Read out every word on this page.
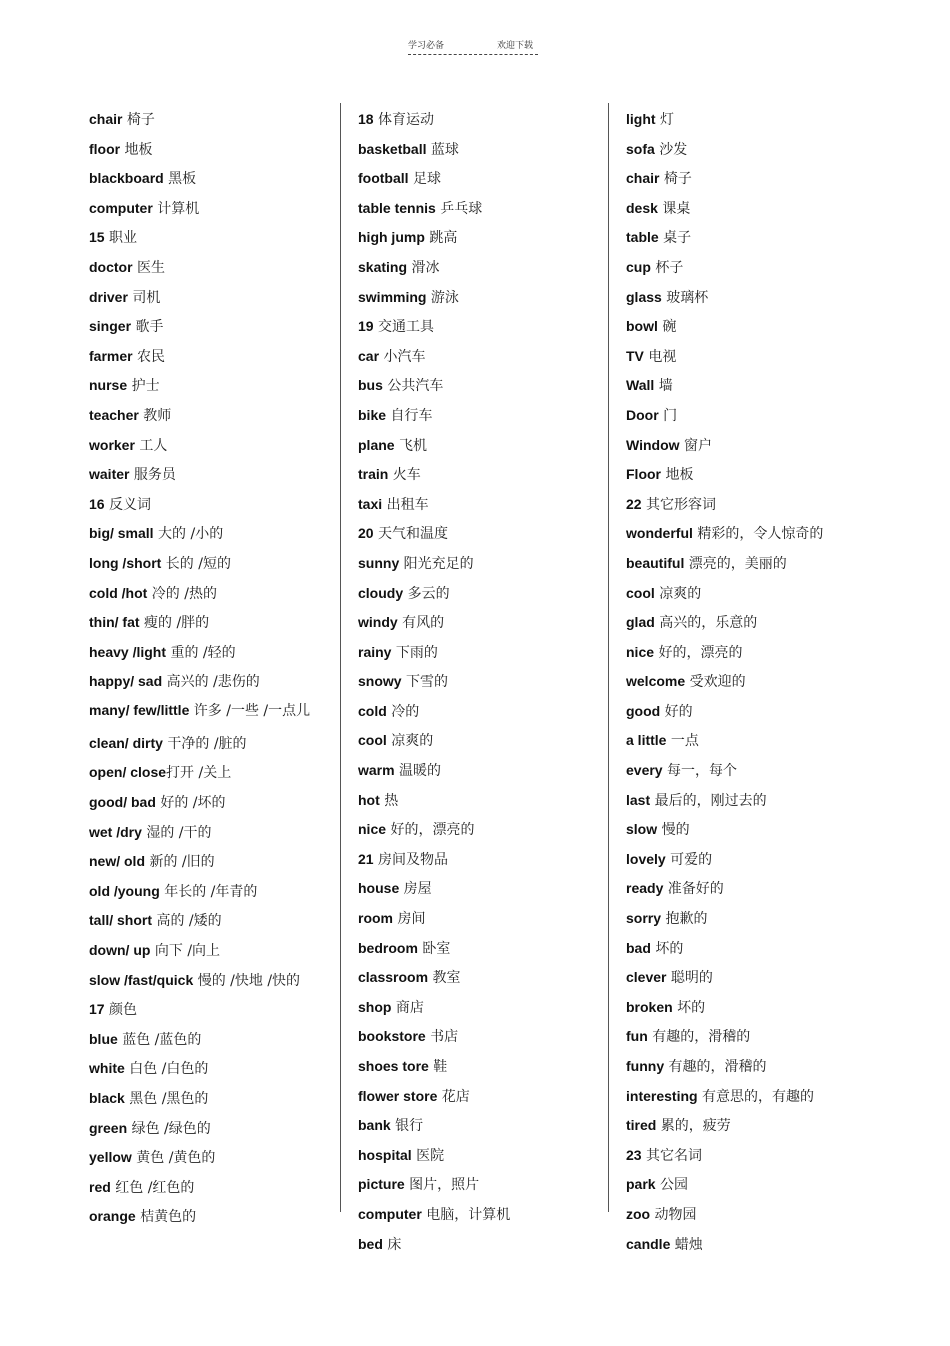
学习必备	欢迎下载
chair 椅子
floor 地板
blackboard 黑板
computer 计算机
15 职业
doctor 医生
driver 司机
singer 歌手
farmer 农民
nurse 护士
teacher 教师
worker 工人
waiter 服务员
16 反义词
big/ small 大的 /小的
long /short 长的 /短的
cold /hot 冷的 /热的
thin/ fat 瘦的 /胖的
heavy /light 重的 /轻的
happy/ sad 高兴的 /悲伤的
many/ few/little 许多 /一些 /一点儿
clean/ dirty 干净的 /脏的
open/ close打开 /关上
good/ bad 好的 /坏的
wet /dry 湿的 /干的
new/ old 新的 /旧的
old /young 年长的 /年青的
tall/ short 高的 /矮的
down/ up 向下 /向上
slow /fast/quick 慢的 /快地 /快的
17 颜色
blue 蓝色 /蓝色的
white 白色 /白色的
black 黑色 /黑色的
green 绿色 /绿色的
yellow 黄色 /黄色的
red 红色 /红色的
orange 桔黄色的
18 体育运动
basketball 蓝球
football 足球
table tennis 乒乓球
high jump 跳高
skating 滑冰
swimming 游泳
19 交通工具
car 小汽车
bus 公共汽车
bike 自行车
plane 飞机
train 火车
taxi 出租车
20 天气和温度
sunny 阳光充足的
cloudy 多云的
windy 有风的
rainy 下雨的
snowy 下雪的
cold 冷的
cool 凉爽的
warm 温暖的
hot 热
nice 好的，漂亮的
21 房间及物品
house 房屋
room 房间
bedroom 卧室
classroom 教室
shop 商店
bookstore 书店
shoes tore 鞋
flower store 花店
bank 银行
hospital 医院
picture 图片，照片
computer 电脑，计算机
bed 床
light 灯
sofa 沙发
chair 椅子
desk 课桌
table 桌子
cup 杯子
glass 玻璃杯
bowl 碗
TV 电视
Wall 墙
Door 门
Window 窗户
Floor 地板
22 其它形容词
wonderful 精彩的，令人惊奇的
beautiful 漂亮的，美丽的
cool 凉爽的
glad 高兴的，乐意的
nice 好的，漂亮的
welcome 受欢迎的
good 好的
a little 一点
every 每一，每个
last 最后的，刚过去的
slow 慢的
lovely 可爱的
ready 准备好的
sorry 抱歉的
bad 坏的
clever 聪明的
broken 坏的
fun 有趣的，滑稽的
funny 有趣的，滑稽的
interesting 有意思的，有趣的
tired 累的，疲劳
23 其它名词
park 公园
zoo 动物园
candle 蜡烛
